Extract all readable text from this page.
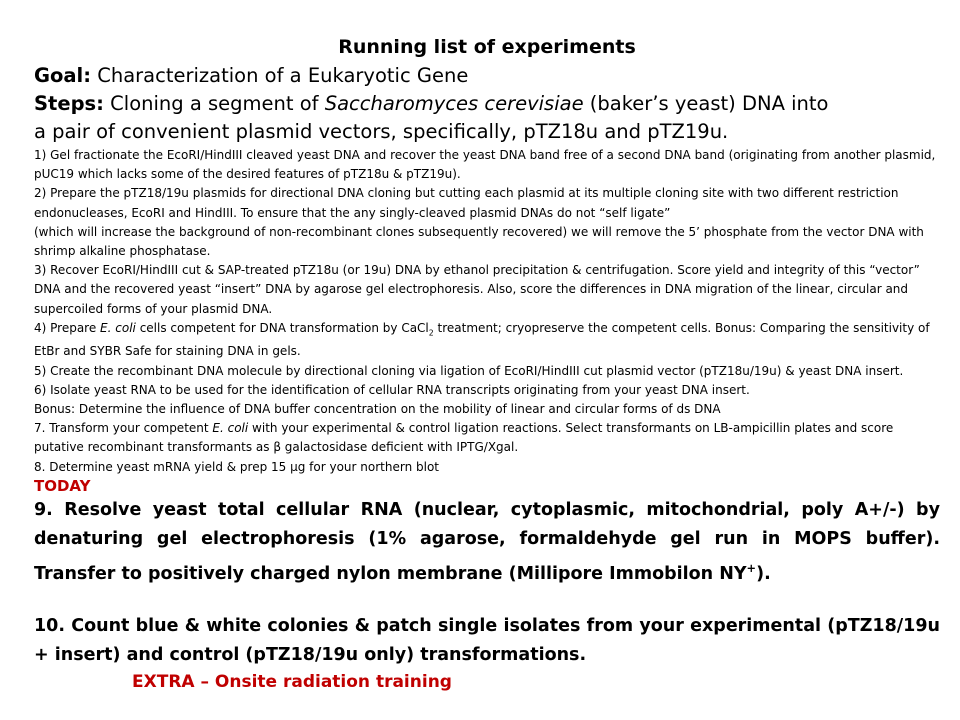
Running list of experiments
Goal: Characterization of a Eukaryotic Gene
Steps: Cloning a segment of Saccharomyces cerevisiae (baker’s yeast) DNA into
a pair of convenient plasmid vectors, specifically, pTZ18u and pTZ19u.

1) Gel fractionate the EcoRI/HindIII cleaved yeast DNA and recover the yeast DNA band free of a second DNA band (originating from another plasmid, pUC19 which lacks some of the desired features of pTZ18u & pTZ19u).

2) Prepare the pTZ18/19u plasmids for directional DNA cloning but cutting each plasmid at its multiple cloning site with two different restriction endonucleases, EcoRI and HindIII. To ensure that the any singly-cleaved plasmid DNAs do not “self ligate”

(which will increase the background of non-recombinant clones subsequently recovered) we will remove the 5’ phosphate from the vector DNA with shrimp alkaline phosphatase.

3) Recover EcoRI/HindIII cut & SAP-treated pTZ18u (or 19u) DNA by ethanol precipitation & centrifugation. Score yield and integrity of this “vector” DNA and the recovered yeast “insert” DNA by agarose gel electrophoresis. Also, score the differences in DNA migration of the linear, circular and supercoiled forms of your plasmid DNA.

4) Prepare E. coli cells competent for DNA transformation by CaCl$_2$ treatment; cryopreserve the competent cells. Bonus: Comparing the sensitivity of EtBr and SYBR Safe for staining DNA in gels.

5) Create the recombinant DNA molecule by directional cloning via ligation of EcoRI/HindIII cut plasmid vector (pTZ18u/19u) & yeast DNA insert.

6) Isolate yeast RNA to be used for the identification of cellular RNA transcripts originating from your yeast DNA insert.

Bonus: Determine the influence of DNA buffer concentration on the mobility of linear and circular forms of ds DNA

7. Transform your competent E. coli with your experimental & control ligation reactions. Select transformants on LB-ampicillin plates and score putative recombinant transformants as β galactosidase deficient with IPTG/Xgal.

8. Determine yeast mRNA yield & prep 15 µg for your northern blot

TODAY
9. Resolve yeast total cellular RNA (nuclear, cytoplasmic, mitochondrial, poly A+/-) by denaturing gel electrophoresis (1% agarose, formaldehyde gel run in MOPS buffer). Transfer to positively charged nylon membrane (Millipore Immobilon NY+).
10. Count blue & white colonies & patch single isolates from your experimental (pTZ18/19u + insert) and control (pTZ18/19u only) transformations.
EXTRA – Onsite radiation training
